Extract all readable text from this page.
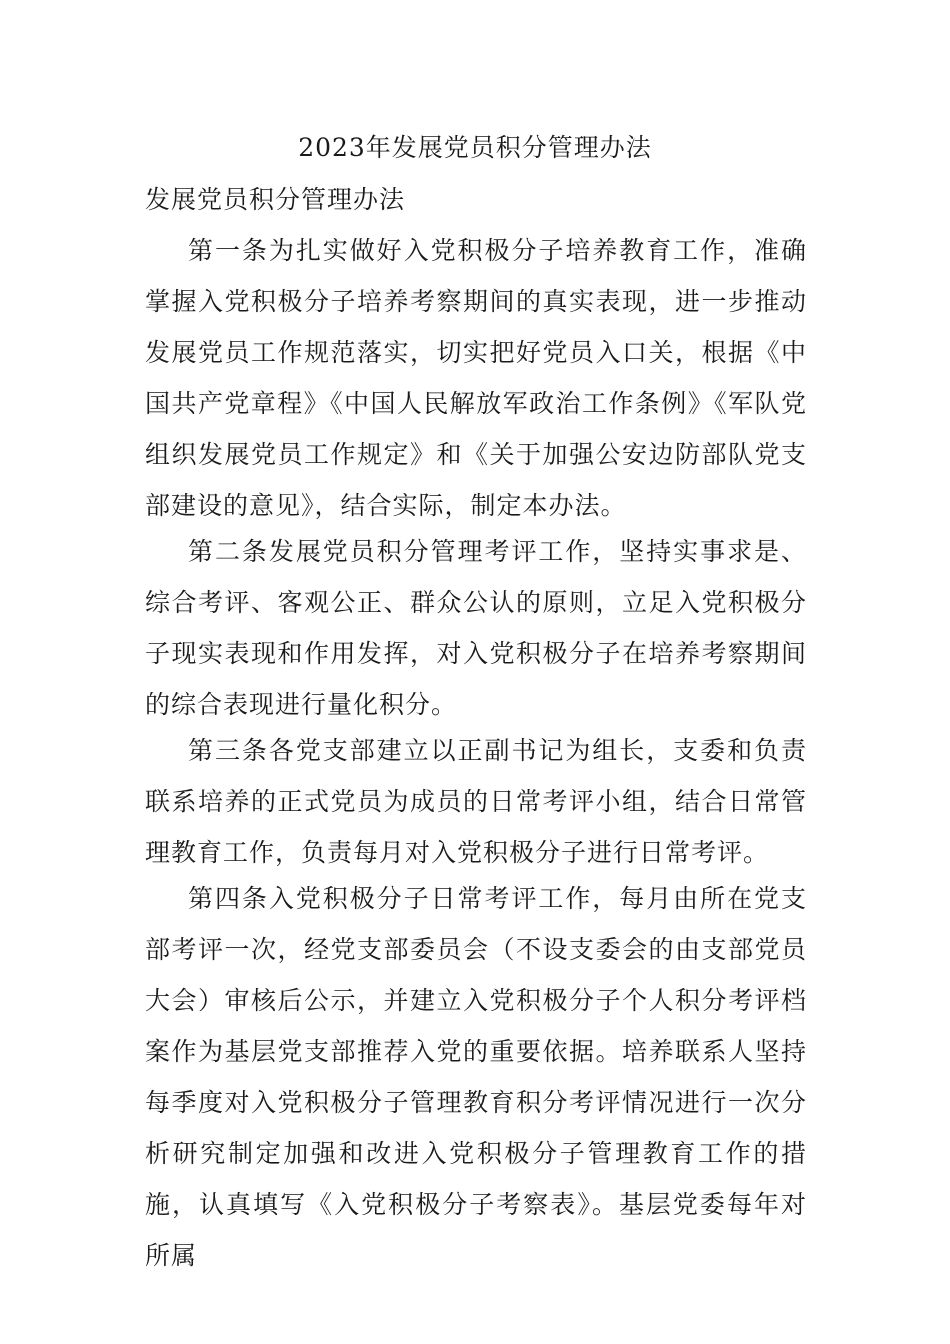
2023年发展党员积分管理办法
发展党员积分管理办法

第一条为扎实做好入党积极分子培养教育工作，准确掌握入党积极分子培养考察期间的真实表现，进一步推动发展党员工作规范落实，切实把好党员入口关，根据《中国共产党章程》《中国人民解放军政治工作条例》《军队党组织发展党员工作规定》和《关于加强公安边防部队党支部建设的意见》，结合实际，制定本办法。

第二条发展党员积分管理考评工作，坚持实事求是、综合考评、客观公正、群众公认的原则，立足入党积极分子现实表现和作用发挥，对入党积极分子在培养考察期间的综合表现进行量化积分。

第三条各党支部建立以正副书记为组长，支委和负责联系培养的正式党员为成员的日常考评小组，结合日常管理教育工作，负责每月对入党积极分子进行日常考评。

第四条入党积极分子日常考评工作，每月由所在党支部考评一次，经党支部委员会（不设支委会的由支部党员大会）审核后公示，并建立入党积极分子个人积分考评档案作为基层党支部推荐入党的重要依据。培养联系人坚持每季度对入党积极分子管理教育积分考评情况进行一次分析研究制定加强和改进入党积极分子管理教育工作的措施，认真填写《入党积极分子考察表》。基层党委每年对所属
